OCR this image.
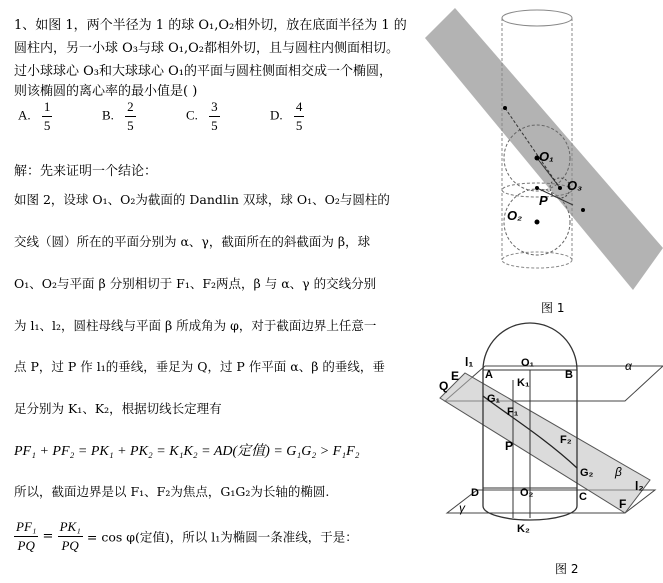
1、如图 1，两个半径为 1 的球 O₁,O₂相外切，放在底面半径为 1 的
圆柱内，另一小球 O₃与球 O₁,O₂都相外切，且与圆柱内侧面相切。
过小球球心 O₃和大球球心 O₁的平面与圆柱侧面相交成一个椭圆，
则该椭圆的离心率的最小值是( )
A. $\frac{1}{5}$	B. $\frac{2}{5}$	C. $\frac{3}{5}$	D. $\frac{4}{5}$
解：先来证明一个结论：
如图 2，设球 O₁、O₂为截面的 Dandlin 双球，球 O₁、O₂与圆柱的
交线（圆）所在的平面分别为 α、γ，截面所在的斜截面为 β，球
O₁、O₂与平面 β 分别相切于 F₁、F₂两点，β 与 α、γ 的交线分别
为 l₁、l₂，圆柱母线与平面 β 所成角为 φ，对于截面边界上任意一
点 P，过 P 作 l₁的垂线，垂足为 Q，过 P 作平面 α、β 的垂线，垂
足分别为 K₁、K₂，根据切线长定理有
PF₁ + PF₂ = PK₁ + PK₂ = K₁K₂ = AD(定值) = G₁G₂ > F₁F₂
所以，截面边界是以 F₁、F₂为焦点，G₁G₂为长轴的椭圆.
$\frac{\text{PF₁}}{PQ} = \frac{\text{PK₁}}{PQ} = \cos \varphi$(定值)，所以 l₁为椭圆一条准线，于是：
O₁
O₃
P
O₂
图 1
l₁
E
Q
A
O₁
B
K₁
α
G₁
F₁
P	F₂
G₂ β
D	O₂	C
l₂
F
γ
K₂
图 2
